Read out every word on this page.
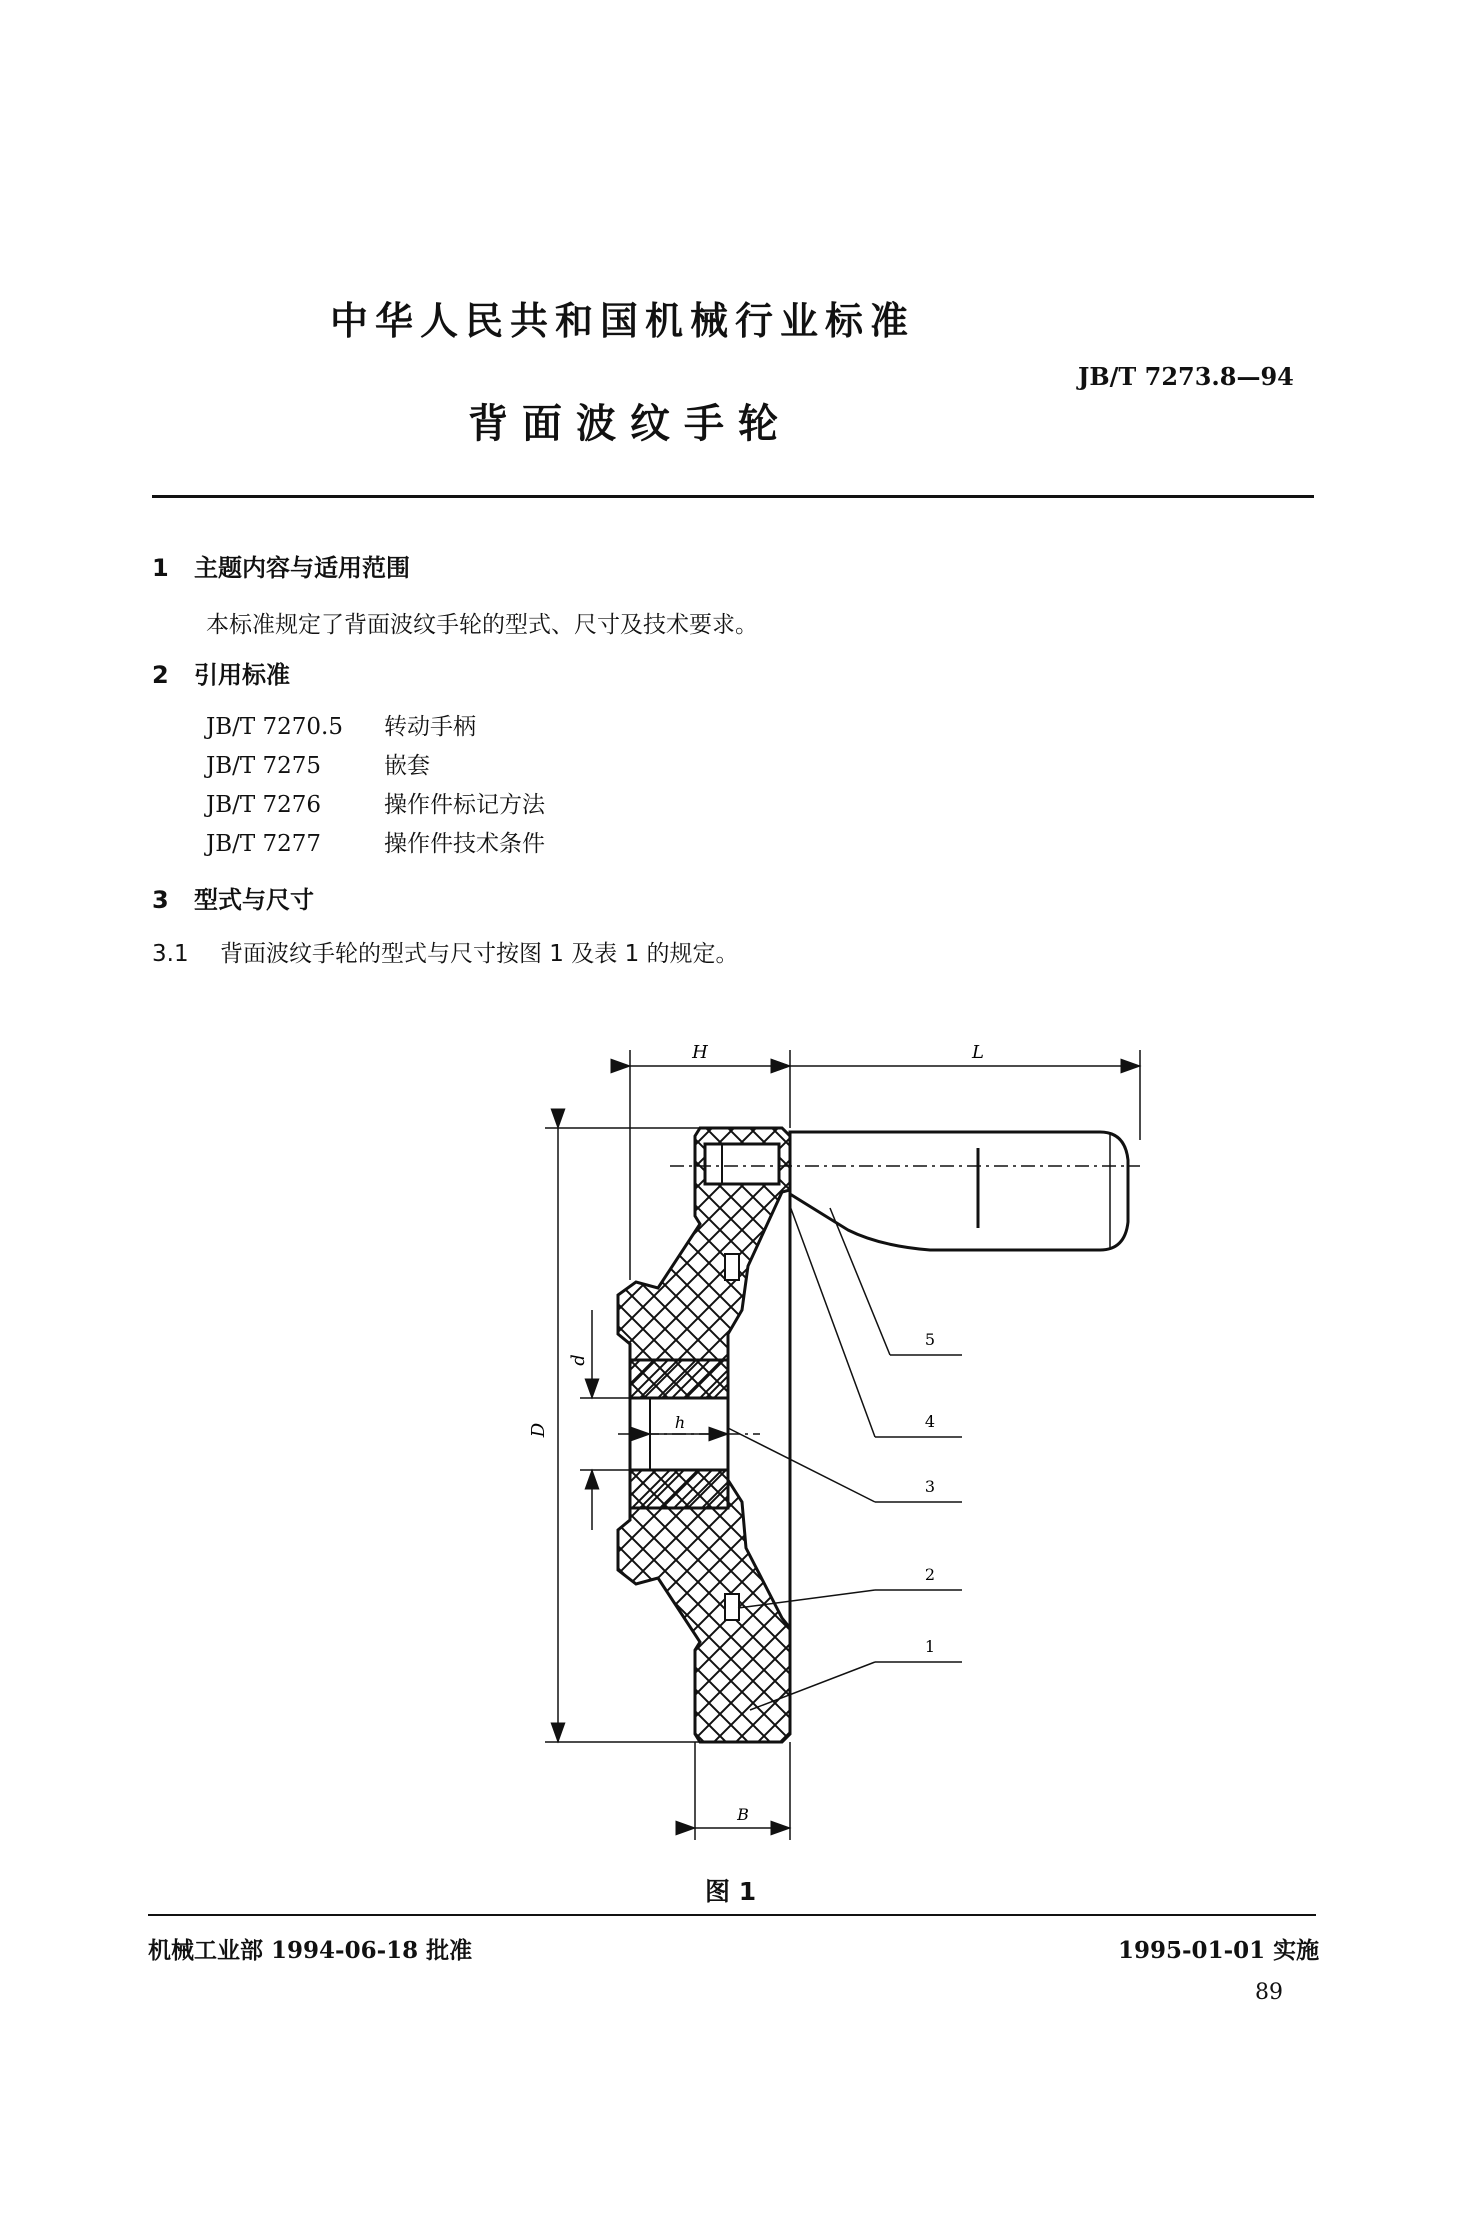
中华人民共和国机械行业标准
JB/T 7273.8—94
背面波纹手轮
1 主题内容与适用范围
本标准规定了背面波纹手轮的型式、尺寸及技术要求。
2 引用标准
JB/T 7270.5 转动手柄
JB/T 7275	嵌套
JB/T 7276	操作件标记方法
JB/T 7277	操作件技术条件
3 型式与尺寸
3.1 背面波纹手轮的型式与尺寸按图 1 及表 1 的规定。
H	L
D
d
h
B
5
4
3
2
1
图 1
机械工业部 1994-06-18 批准	1995-01-01 实施
89
